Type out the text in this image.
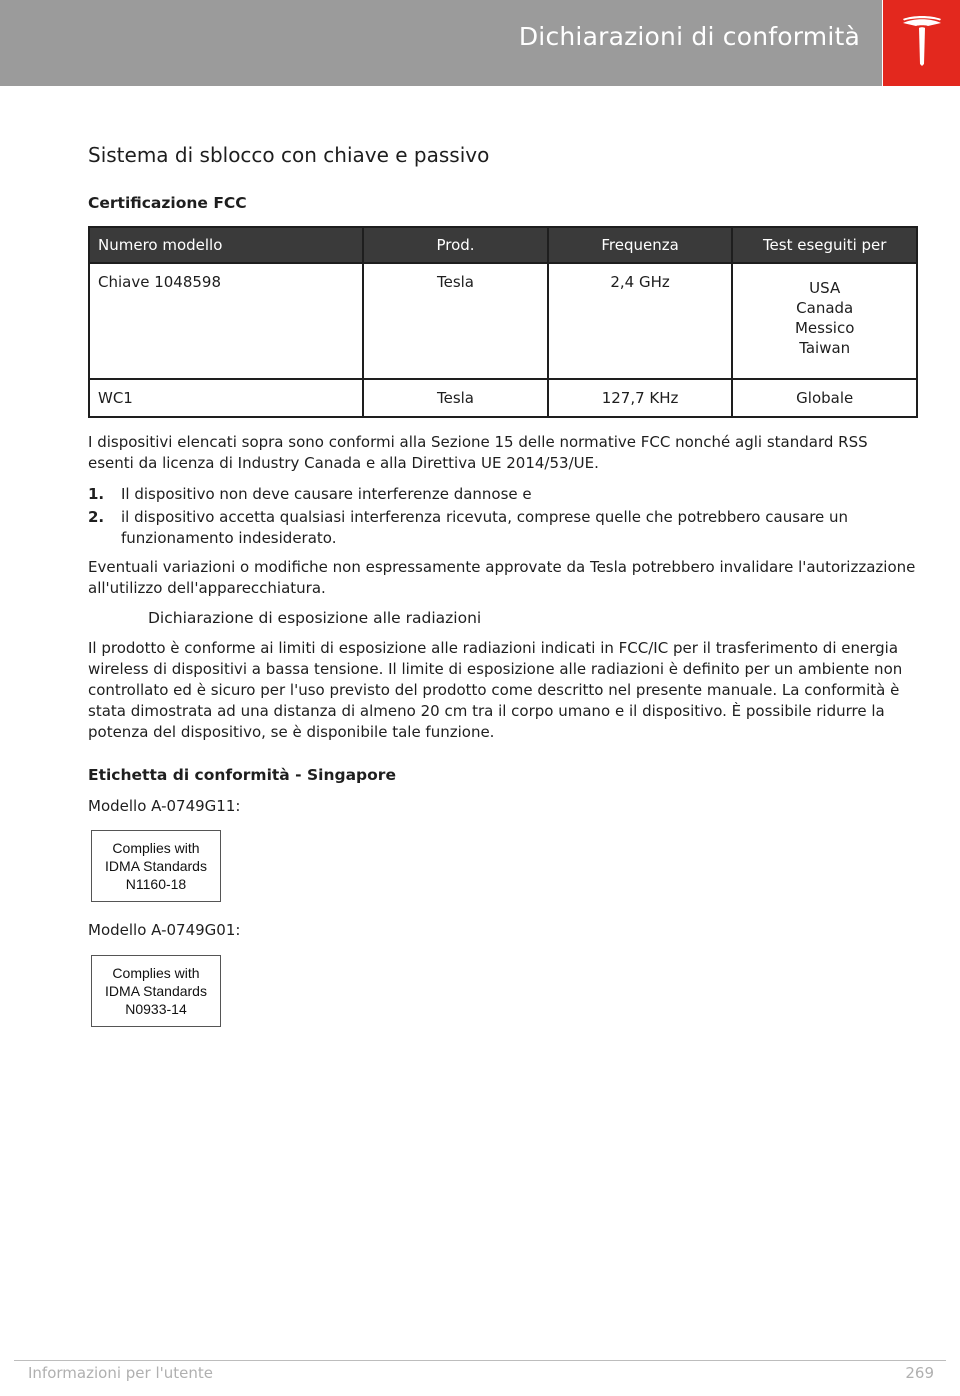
Dichiarazioni di conformità
Sistema di sblocco con chiave e passivo
Certificazione FCC
Numero modello	Prod.	Frequenza	Test eseguiti per
Chiave 1048598	Tesla	2,4 GHz	USA
Canada
Messico
Taiwan

WC1	Tesla	127,7 KHz	Globale

I dispositivi elencati sopra sono conformi alla Sezione 15 delle normative FCC nonché agli standard RSS esenti da licenza di Industry Canada e alla Direttiva UE 2014/53/UE.

1. Il dispositivo non deve causare interferenze dannose e
2. il dispositivo accetta qualsiasi interferenza ricevuta, comprese quelle che potrebbero causare un funzionamento indesiderato.

Eventuali variazioni o modifiche non espressamente approvate da Tesla potrebbero invalidare l'autorizzazione all'utilizzo dell'apparecchiatura.

Dichiarazione di esposizione alle radiazioni

Il prodotto è conforme ai limiti di esposizione alle radiazioni indicati in FCC/IC per il trasferimento di energia wireless di dispositivi a bassa tensione. Il limite di esposizione alle radiazioni è definito per un ambiente non controllato ed è sicuro per l'uso previsto del prodotto come descritto nel presente manuale. La conformità è stata dimostrata ad una distanza di almeno 20 cm tra il corpo umano e il dispositivo. È possibile ridurre la potenza del dispositivo, se è disponibile tale funzione.

Etichetta di conformità - Singapore

Modello A-0749G11:

Complies with
IDMA Standards
N1160-18

Modello A-0749G01:

Complies with
IDMA Standards
N0933-14
Informazioni per l'utente	269
